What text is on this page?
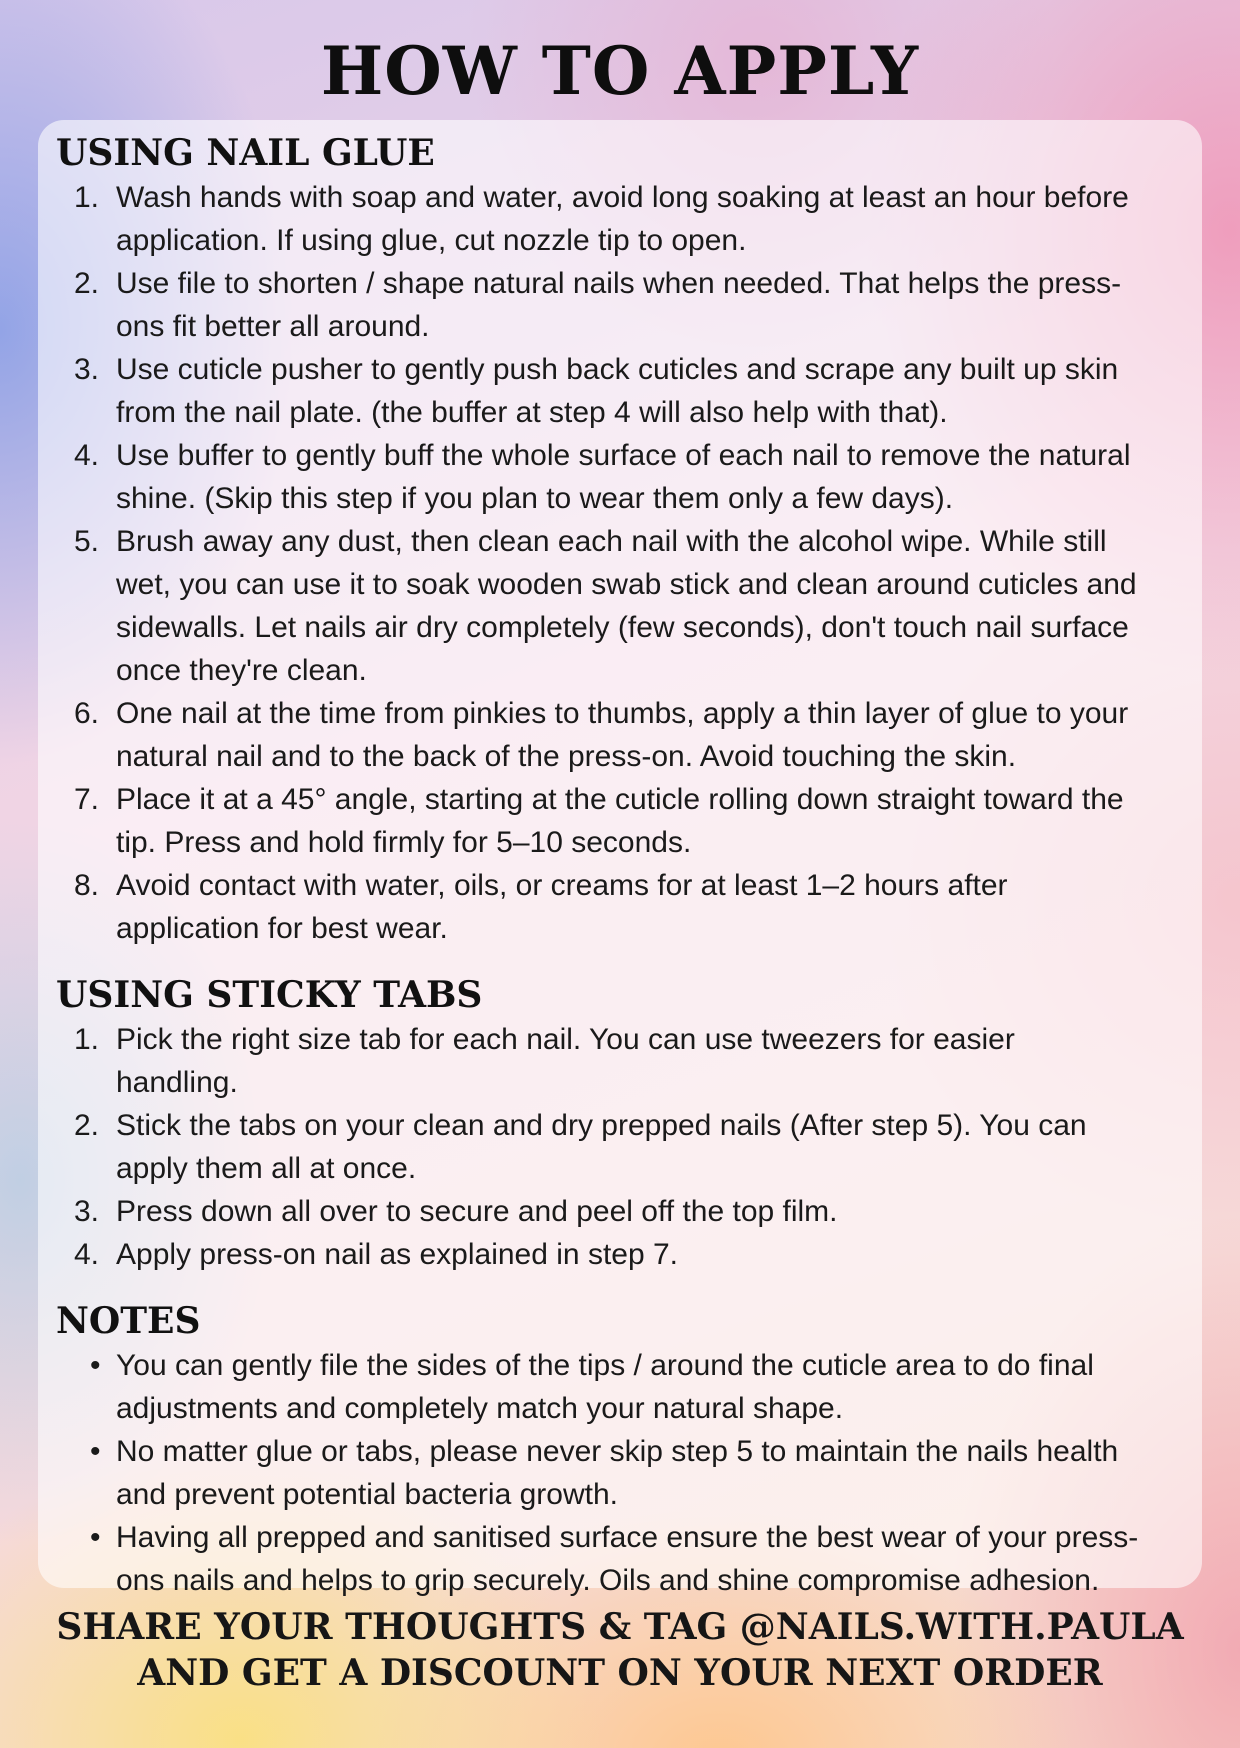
HOW TO APPLY
USING NAIL GLUE
1. Wash hands with soap and water, avoid long soaking at least an hour before application. If using glue, cut nozzle tip to open.
2. Use file to shorten / shape natural nails when needed. That helps the press-ons fit better all around.
3. Use cuticle pusher to gently push back cuticles and scrape any built up skin from the nail plate. (the buffer at step 4 will also help with that).
4. Use buffer to gently buff the whole surface of each nail to remove the natural shine. (Skip this step if you plan to wear them only a few days).
5. Brush away any dust, then clean each nail with the alcohol wipe. While still wet, you can use it to soak wooden swab stick and clean around cuticles and sidewalls. Let nails air dry completely (few seconds), don't touch nail surface once they're clean.
6. One nail at the time from pinkies to thumbs, apply a thin layer of glue to your natural nail and to the back of the press-on. Avoid touching the skin.
7. Place it at a 45° angle, starting at the cuticle rolling down straight toward the tip. Press and hold firmly for 5–10 seconds.
8. Avoid contact with water, oils, or creams for at least 1–2 hours after application for best wear.
USING STICKY TABS
1. Pick the right size tab for each nail. You can use tweezers for easier handling.
2. Stick the tabs on your clean and dry prepped nails (After step 5). You can apply them all at once.
3. Press down all over to secure and peel off the top film.
4. Apply press-on nail as explained in step 7.
NOTES
• You can gently file the sides of the tips / around the cuticle area to do final adjustments and completely match your natural shape.
• No matter glue or tabs, please never skip step 5 to maintain the nails health and prevent potential bacteria growth.
• Having all prepped and sanitised surface ensure the best wear of your press-ons nails and helps to grip securely. Oils and shine compromise adhesion.
SHARE YOUR THOUGHTS & TAG @NAILS.WITH.PAULA
AND GET A DISCOUNT ON YOUR NEXT ORDER
